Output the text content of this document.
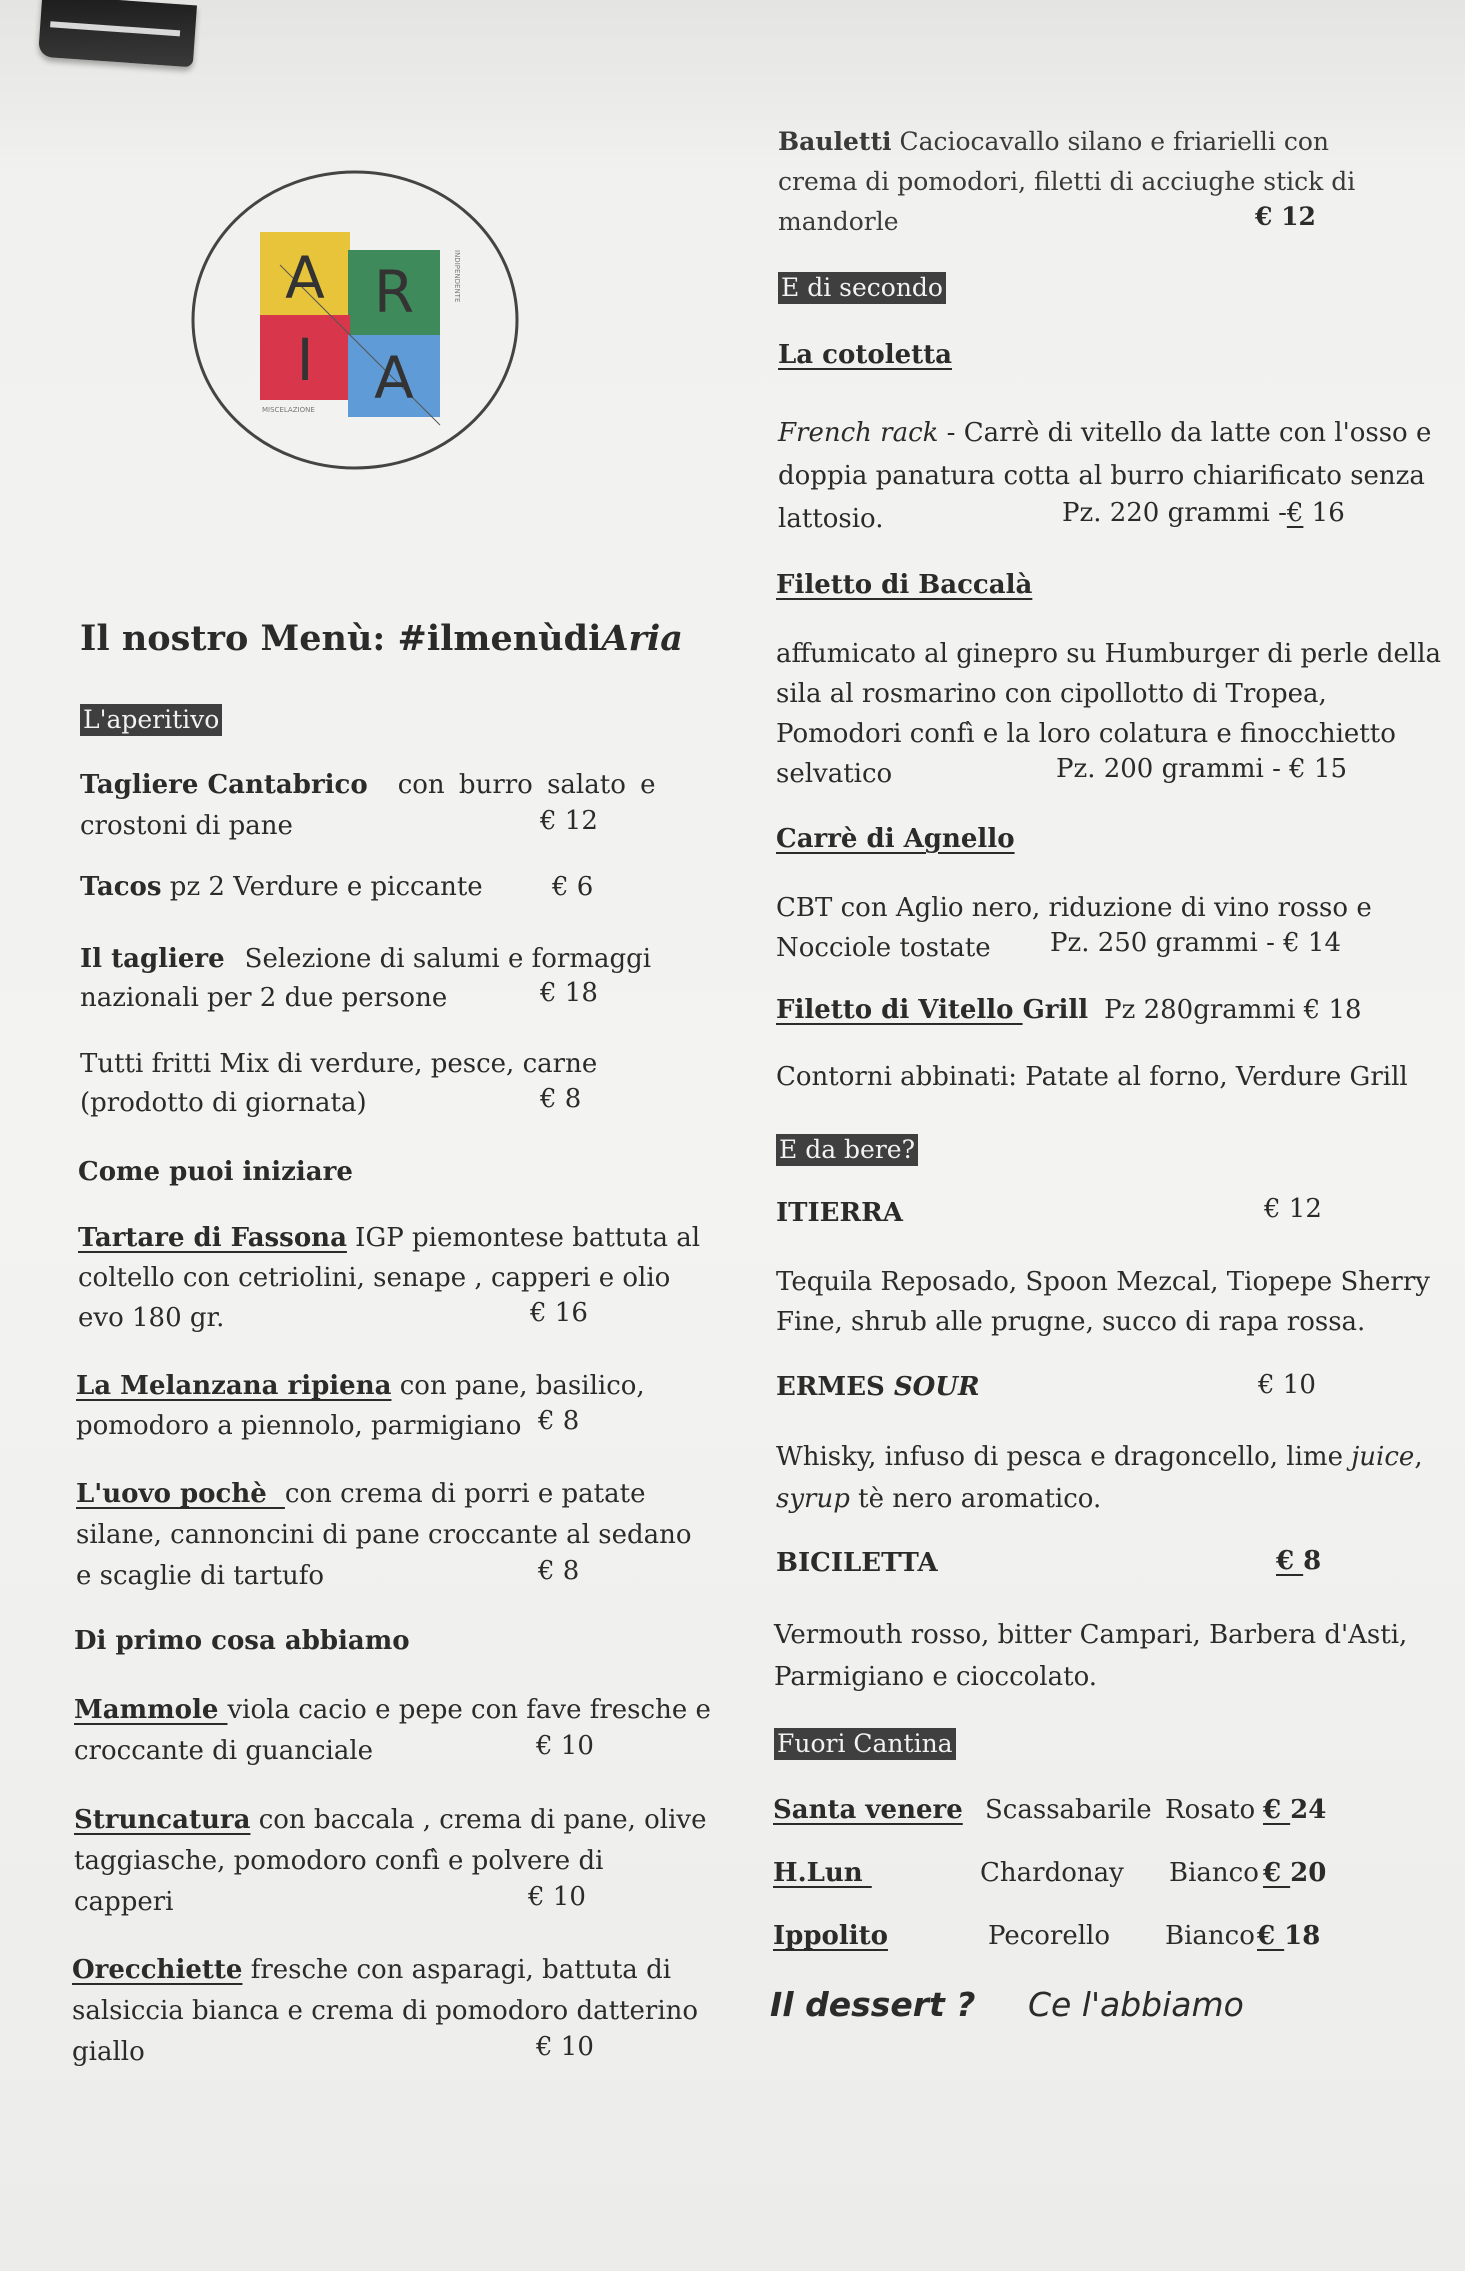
A R
I A
INDIPENDENTE
MISCELAZIONE
Il nostro Menù: #ilmenùdiAria
L'aperitivo
Tagliere Cantabrico con burro salato e
crostoni di pane	€ 12
Tacos pz 2 Verdure e piccante	€ 6
Il tagliere Selezione di salumi e formaggi
nazionali per 2 due persone	€ 18
Tutti fritti Mix di verdure, pesce, carne
(prodotto di giornata)	€ 8
Come puoi iniziare
Tartare di Fassona IGP piemontese battuta al
coltello con cetriolini, senape , capperi e olio
evo 180 gr.	€ 16
La Melanzana ripiena con pane, basilico,
pomodoro a piennolo, parmigiano € 8
L'uovo pochè  con crema di porri e patate
silane, cannoncini di pane croccante al sedano
e scaglie di tartufo	€ 8
Di primo cosa abbiamo
Mammole viola cacio e pepe con fave fresche e
croccante di guanciale	€ 10
Struncatura con baccala , crema di pane, olive
taggiasche, pomodoro confì e polvere di
capperi	€ 10
Orecchiette fresche con asparagi, battuta di
salsiccia bianca e crema di pomodoro datterino
giallo	€ 10
Bauletti Caciocavallo silano e friarielli con
crema di pomodori, filetti di acciughe stick di
mandorle	€ 12
E di secondo
La cotoletta
French rack - Carrè di vitello da latte con l'osso e
doppia panatura cotta al burro chiarificato senza
lattosio.	Pz. 220 grammi -€ 16
Filetto di Baccalà
affumicato al ginepro su Humburger di perle della
sila al rosmarino con cipollotto di Tropea,
Pomodori confì e la loro colatura e finocchietto
selvatico	Pz. 200 grammi - € 15
Carrè di Agnello
CBT con Aglio nero, riduzione di vino rosso e
Nocciole tostate	Pz. 250 grammi - € 14
Filetto di Vitello Grill Pz 280grammi € 18
Contorni abbinati: Patate al forno, Verdure Grill
E da bere?
ITIERRA	€ 12
Tequila Reposado, Spoon Mezcal, Tiopepe Sherry
Fine, shrub alle prugne, succo di rapa rossa.
ERMES SOUR	€ 10
Whisky, infuso di pesca e dragoncello, lime juice,
syrup tè nero aromatico.
BICILETTA	€ 8
Vermouth rosso, bitter Campari, Barbera d'Asti,
Parmigiano e cioccolato.
Fuori Cantina
Santa venere Scassabarile Rosato € 24
H.Lun	Chardonay Bianco € 20
Ippolito	Pecorello Bianco € 18
Il dessert ? Ce l'abbiamo
